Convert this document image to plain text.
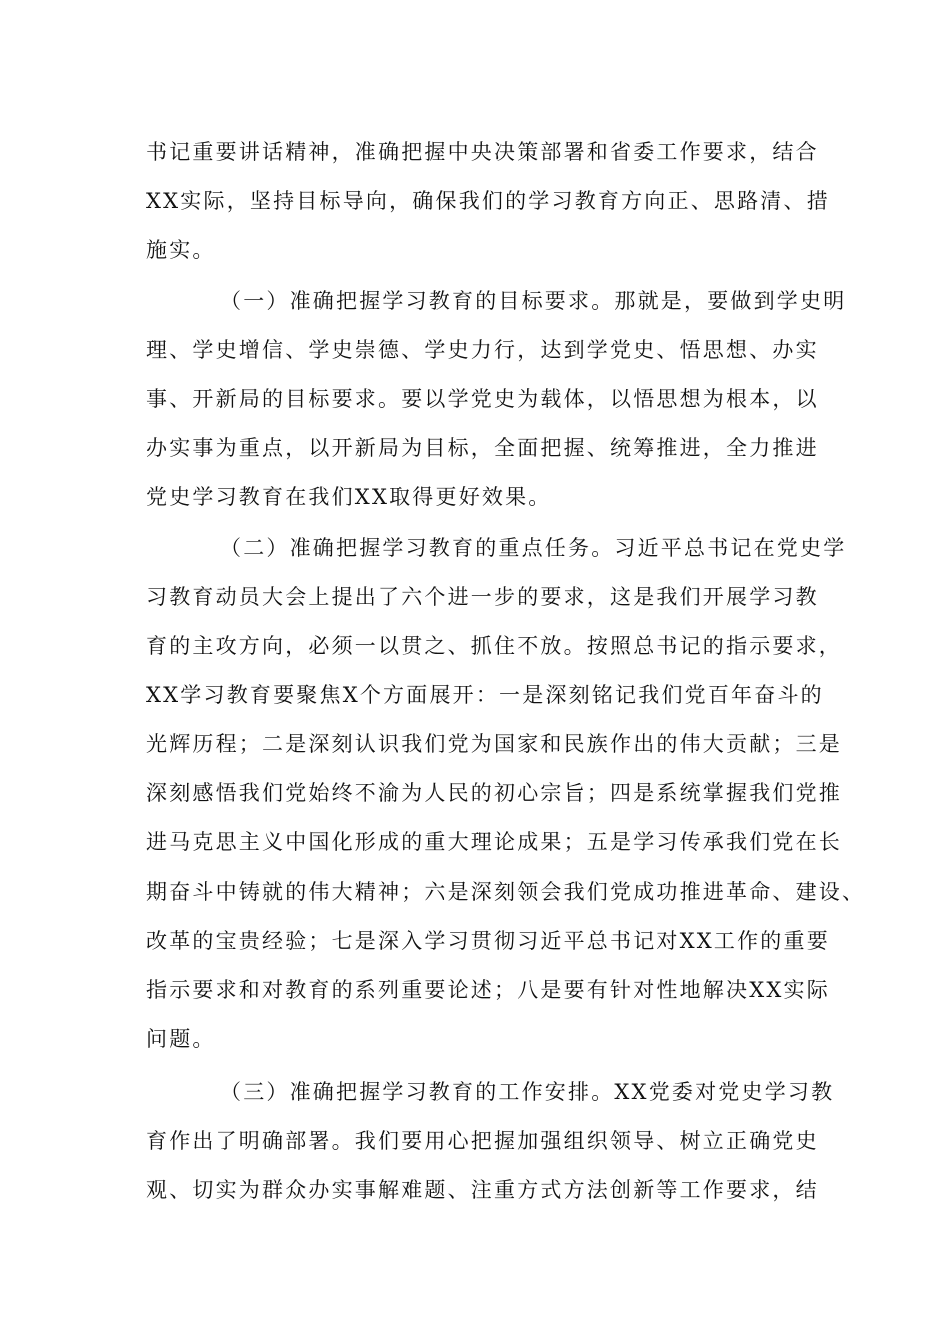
书记重要讲话精神，准确把握中央决策部署和省委工作要求，结合
XX实际，坚持目标导向，确保我们的学习教育方向正、思路清、措
施实。
（一）准确把握学习教育的目标要求。那就是，要做到学史明
理、学史增信、学史崇德、学史力行，达到学党史、悟思想、办实
事、开新局的目标要求。要以学党史为载体，以悟思想为根本，以
办实事为重点，以开新局为目标，全面把握、统筹推进，全力推进
党史学习教育在我们XX取得更好效果。
（二）准确把握学习教育的重点任务。习近平总书记在党史学
习教育动员大会上提出了六个进一步的要求，这是我们开展学习教
育的主攻方向，必须一以贯之、抓住不放。按照总书记的指示要求，
XX学习教育要聚焦X个方面展开：一是深刻铭记我们党百年奋斗的
光辉历程；二是深刻认识我们党为国家和民族作出的伟大贡献；三是
深刻感悟我们党始终不渝为人民的初心宗旨；四是系统掌握我们党推
进马克思主义中国化形成的重大理论成果；五是学习传承我们党在长
期奋斗中铸就的伟大精神；六是深刻领会我们党成功推进革命、建设、
改革的宝贵经验；七是深入学习贯彻习近平总书记对XX工作的重要
指示要求和对教育的系列重要论述；八是要有针对性地解决XX实际
问题。
（三）准确把握学习教育的工作安排。XX党委对党史学习教
育作出了明确部署。我们要用心把握加强组织领导、树立正确党史
观、切实为群众办实事解难题、注重方式方法创新等工作要求，结
